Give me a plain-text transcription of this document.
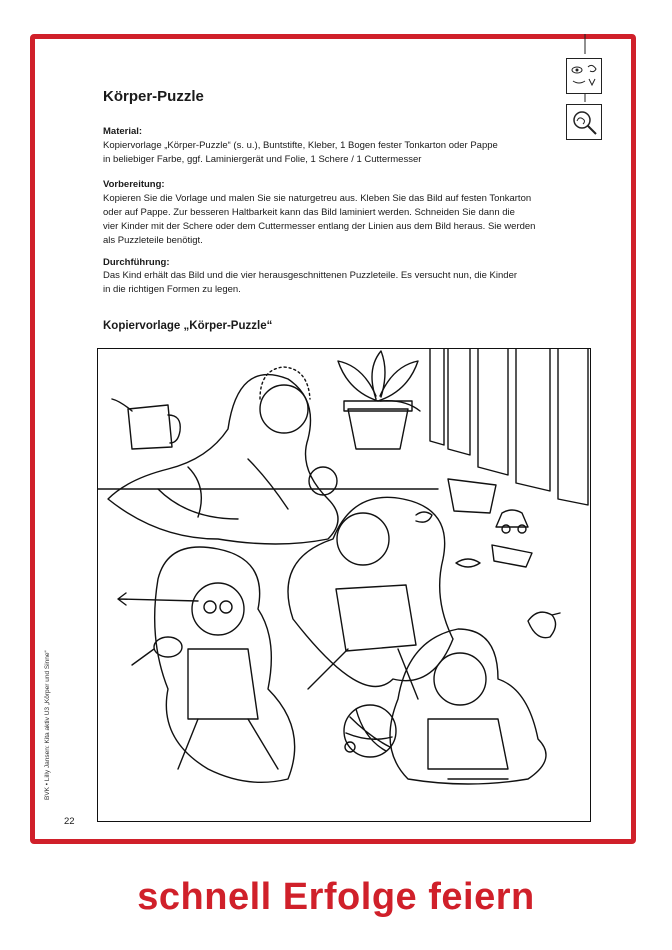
Körper-Puzzle
Material:
Kopiervorlage „Körper-Puzzle“ (s. u.), Buntstifte, Kleber, 1 Bogen fester Tonkarton oder Pappe
in beliebiger Farbe, ggf. Laminiergerät und Folie, 1 Schere / 1 Cuttermesser
Vorbereitung:
Kopieren Sie die Vorlage und malen Sie sie naturgetreu aus. Kleben Sie das Bild auf festen Tonkarton
oder auf Pappe. Zur besseren Haltbarkeit kann das Bild laminiert werden. Schneiden Sie dann die
vier Kinder mit der Schere oder dem Cuttermesser entlang der Linien aus dem Bild heraus. Sie werden
als Puzzleteile benötigt.
Durchführung:
Das Kind erhält das Bild und die vier herausgeschnittenen Puzzleteile. Es versucht nun, die Kinder
in die richtigen Formen zu legen.
Kopiervorlage „Körper-Puzzle“
BVK • Lilly Jansen: Kita aktiv U3 „Körper und Sinne“
22
schnell Erfolge feiern
